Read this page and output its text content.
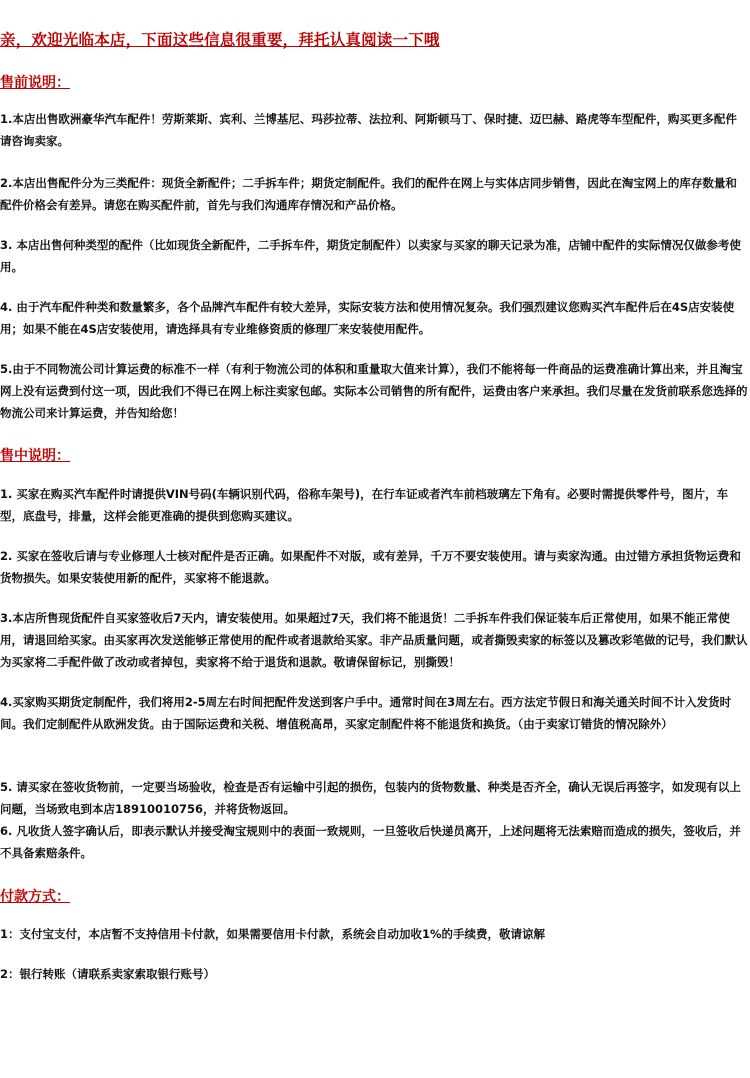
亲，欢迎光临本店，下面这些信息很重要，拜托认真阅读一下哦
售前说明：
1.本店出售欧洲豪华汽车配件！劳斯莱斯、宾利、兰博基尼、玛莎拉蒂、法拉利、阿斯顿马丁、保时捷、迈巴赫、路虎等车型配件，购买更多配件请咨询卖家。
2.本店出售配件分为三类配件：现货全新配件；二手拆车件；期货定制配件。我们的配件在网上与实体店同步销售，因此在淘宝网上的库存数量和配件价格会有差异。请您在购买配件前，首先与我们沟通库存情况和产品价格。
3. 本店出售何种类型的配件（比如现货全新配件，二手拆车件，期货定制配件）以卖家与买家的聊天记录为准，店铺中配件的实际情况仅做参考使用。
4. 由于汽车配件种类和数量繁多，各个品牌汽车配件有较大差异，实际安装方法和使用情况复杂。我们强烈建议您购买汽车配件后在4S店安装使用；如果不能在4S店安装使用，请选择具有专业维修资质的修理厂来安装使用配件。
5.由于不同物流公司计算运费的标准不一样（有利于物流公司的体积和重量取大值来计算），我们不能将每一件商品的运费准确计算出来，并且淘宝网上没有运费到付这一项，因此我们不得已在网上标注卖家包邮。实际本公司销售的所有配件，运费由客户来承担。我们尽量在发货前联系您选择的物流公司来计算运费，并告知给您！
售中说明：
1. 买家在购买汽车配件时请提供VIN号码(车辆识别代码，俗称车架号)，在行车证或者汽车前档玻璃左下角有。必要时需提供零件号，图片，车型，底盘号，排量，这样会能更准确的提供到您购买建议。
2. 买家在签收后请与专业修理人士核对配件是否正确。如果配件不对版，或有差异，千万不要安装使用。请与卖家沟通。由过错方承担货物运费和货物损失。如果安装使用新的配件，买家将不能退款。
3.本店所售现货配件自买家签收后7天内，请安装使用。如果超过7天，我们将不能退货！二手拆车件我们保证装车后正常使用，如果不能正常使用，请退回给买家。由买家再次发送能够正常使用的配件或者退款给买家。非产品质量问题，或者撕毁卖家的标签以及篡改彩笔做的记号，我们默认为买家将二手配件做了改动或者掉包，卖家将不给于退货和退款。敬请保留标记，别撕毁！
4.买家购买期货定制配件，我们将用2-5周左右时间把配件发送到客户手中。通常时间在3周左右。西方法定节假日和海关通关时间不计入发货时间。我们定制配件从欧洲发货。由于国际运费和关税、增值税高昂，买家定制配件将不能退货和换货。（由于卖家订错货的情况除外）
5. 请买家在签收货物前，一定要当场验收，检查是否有运输中引起的损伤，包装内的货物数量、种类是否齐全，确认无误后再签字，如发现有以上问题，当场致电到本店18910010756，并将货物返回。
6. 凡收货人签字确认后，即表示默认并接受淘宝规则中的表面一致规则，一旦签收后快递员离开，上述问题将无法索赔而造成的损失，签收后，并不具备索赔条件。
付款方式：
1：支付宝支付，本店暂不支持信用卡付款，如果需要信用卡付款，系统会自动加收1%的手续费，敬请谅解
2：银行转账（请联系卖家索取银行账号）
